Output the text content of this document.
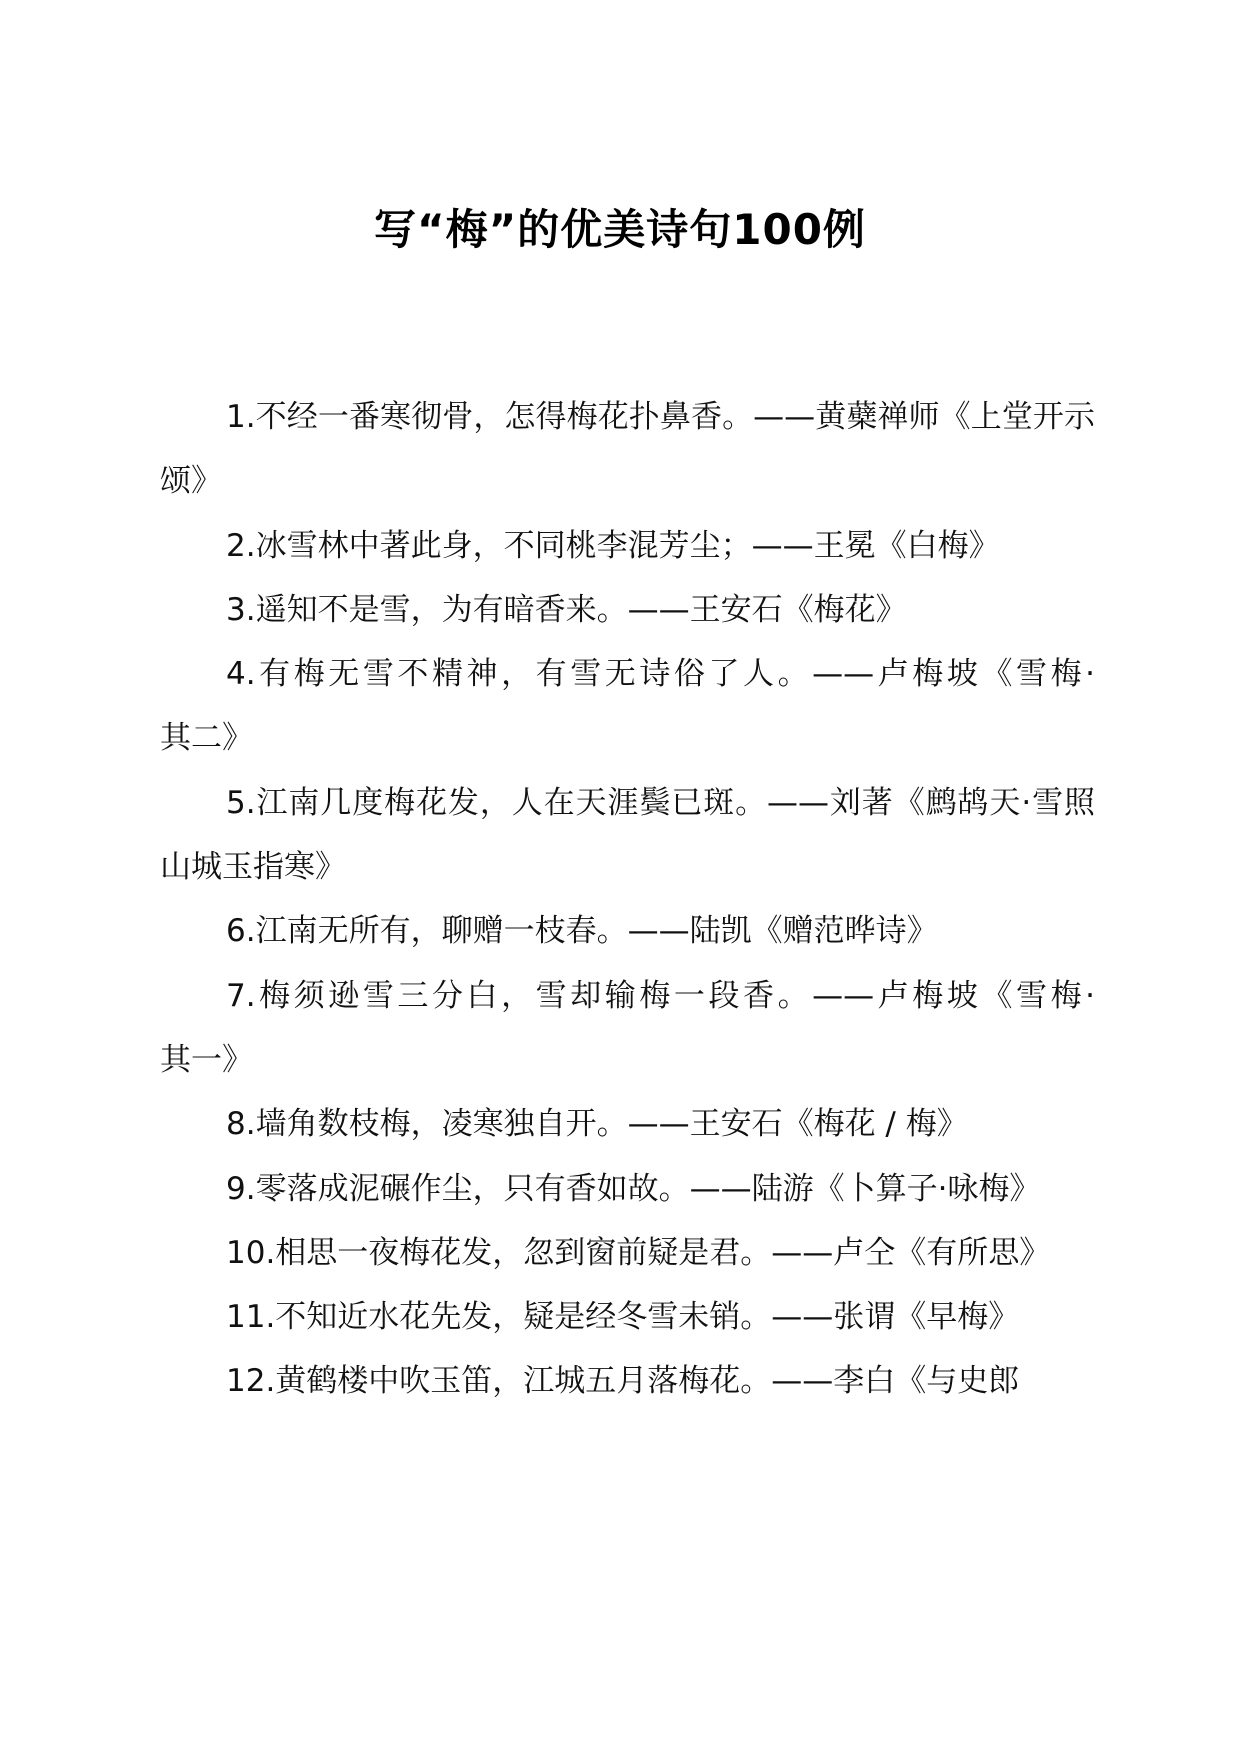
写“梅”的优美诗句100例

1.不经一番寒彻骨，怎得梅花扑鼻香。——黄蘗禅师《上堂开示颂》

2.冰雪林中著此身，不同桃李混芳尘；——王冕《白梅》

3.遥知不是雪，为有暗香来。——王安石《梅花》

4.有梅无雪不精神，有雪无诗俗了人。——卢梅坡《雪梅·其二》

5.江南几度梅花发，人在天涯鬓已斑。——刘著《鹧鸪天·雪照山城玉指寒》

6.江南无所有，聊赠一枝春。——陆凯《赠范晔诗》

7.梅须逊雪三分白，雪却输梅一段香。——卢梅坡《雪梅·其一》

8.墙角数枝梅，凌寒独自开。——王安石《梅花 / 梅》

9.零落成泥碾作尘，只有香如故。——陆游《卜算子·咏梅》

10.相思一夜梅花发，忽到窗前疑是君。——卢仝《有所思》

11.不知近水花先发，疑是经冬雪未销。——张谓《早梅》

12.黄鹤楼中吹玉笛，江城五月落梅花。——李白《与史郎
